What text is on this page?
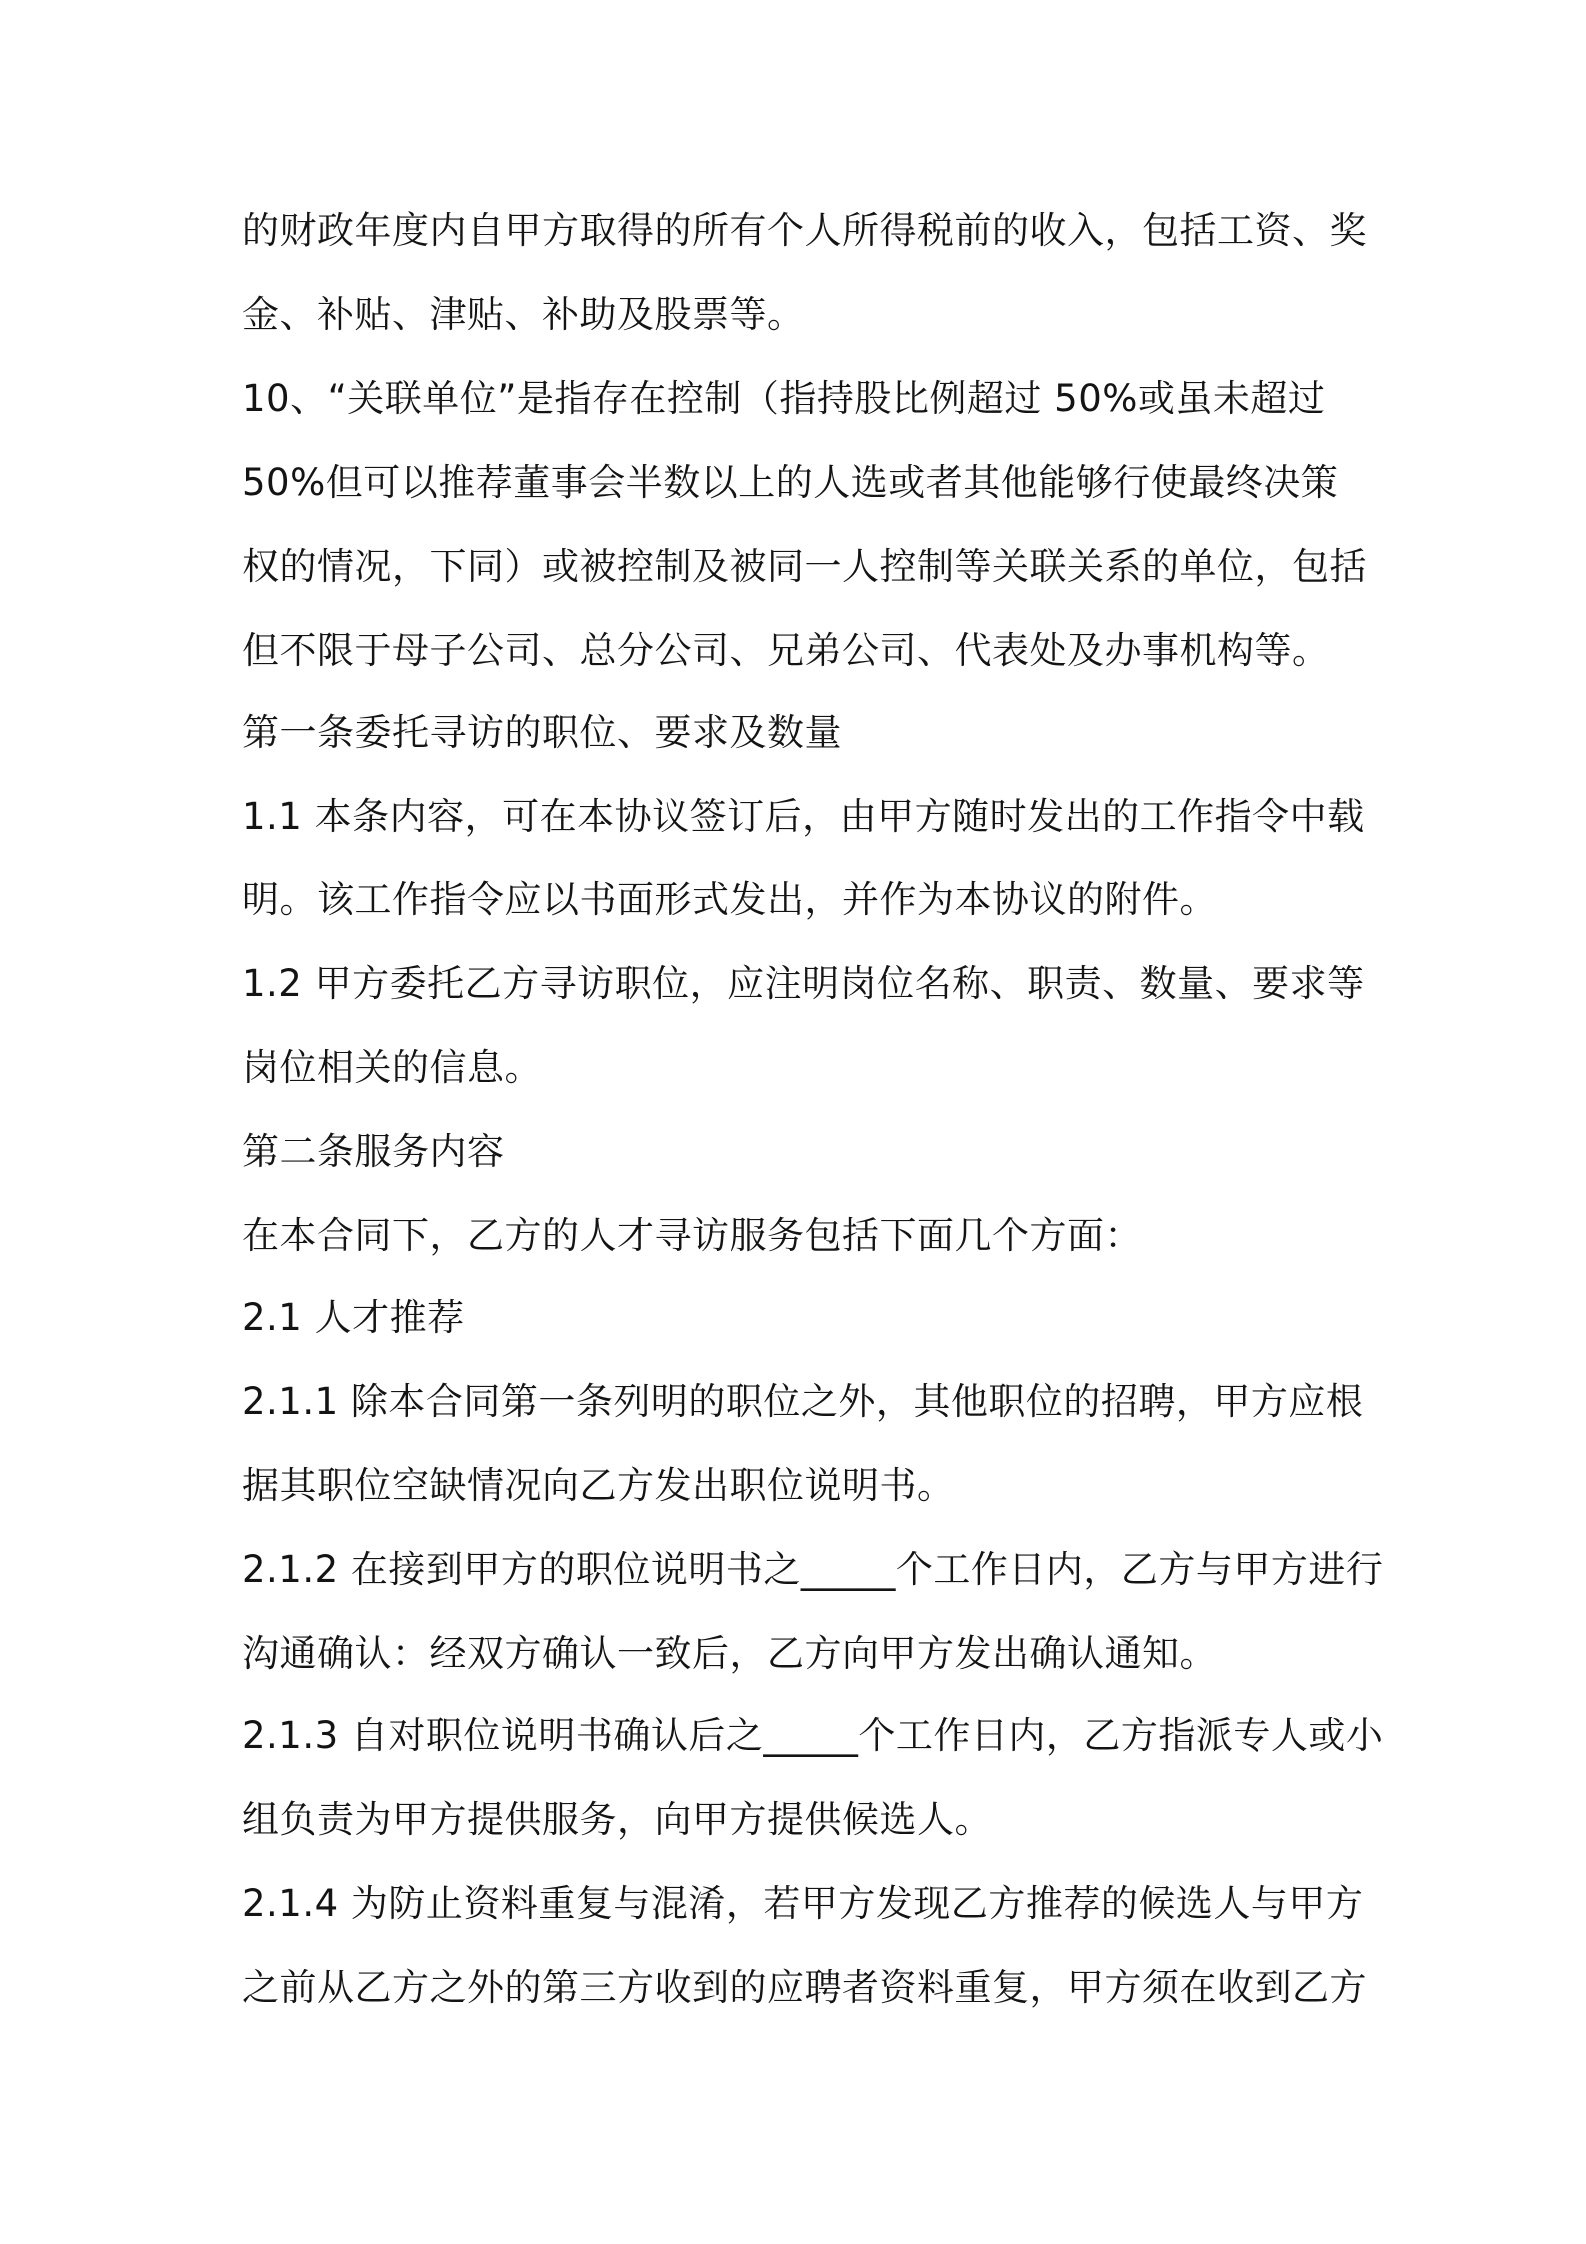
的财政年度内自甲方取得的所有个人所得税前的收入，包括工资、奖
金、补贴、津贴、补助及股票等。
10、“关联单位”是指存在控制（指持股比例超过 50%或虽未超过
50%但可以推荐董事会半数以上的人选或者其他能够行使最终决策
权的情况，下同）或被控制及被同一人控制等关联关系的单位，包括
但不限于母子公司、总分公司、兄弟公司、代表处及办事机构等。
第一条委托寻访的职位、要求及数量
1.1 本条内容，可在本协议签订后，由甲方随时发出的工作指令中载
明。该工作指令应以书面形式发出，并作为本协议的附件。
1.2 甲方委托乙方寻访职位，应注明岗位名称、职责、数量、要求等
岗位相关的信息。
第二条服务内容
在本合同下，乙方的人才寻访服务包括下面几个方面：
2.1 人才推荐
2.1.1 除本合同第一条列明的职位之外，其他职位的招聘，甲方应根
据其职位空缺情况向乙方发出职位说明书。
2.1.2 在接到甲方的职位说明书之_____个工作日内，乙方与甲方进行
沟通确认：经双方确认一致后，乙方向甲方发出确认通知。
2.1.3 自对职位说明书确认后之_____个工作日内，乙方指派专人或小
组负责为甲方提供服务，向甲方提供候选人。
2.1.4 为防止资料重复与混淆，若甲方发现乙方推荐的候选人与甲方
之前从乙方之外的第三方收到的应聘者资料重复，甲方须在收到乙方
